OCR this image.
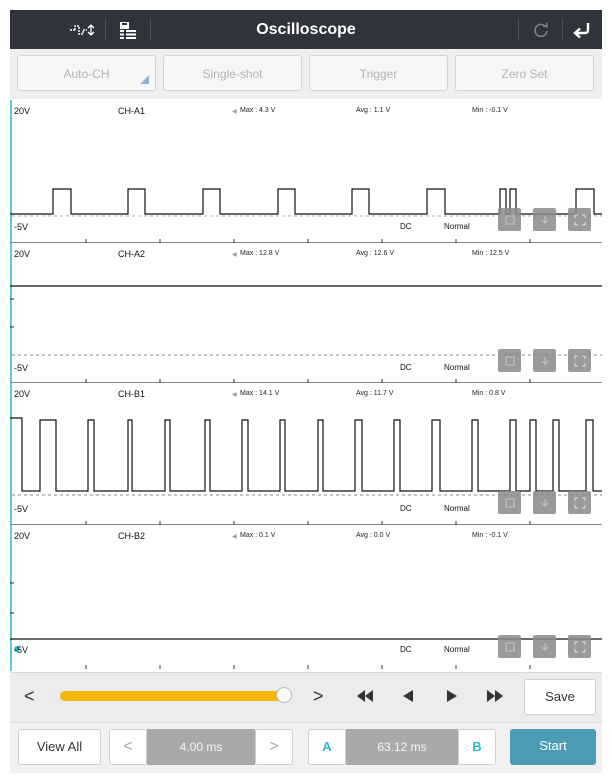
Oscilloscope
Auto-CH	Single-shot	Trigger	Zero Set
20V	CH-A1	◀ Max : 4.3 V	Avg : 1.1 V	Min : -0.1 V
-5V	DC	Normal
20V	CH-A2	◀ Max : 12.8 V	Avg : 12.6 V	Min : 12.5 V
-5V	DC	Normal
20V	CH-B1	◀ Max : 14.1 V	Avg : 11.7 V	Min : 0.8 V
-5V	DC	Normal
20V	CH-B2	◀ Max : 0.1 V	Avg : 0.0 V	Min : -0.1 V
-5V	DC	Normal
<	>	Save
View All	<	4.00 ms	>	A	63.12 ms	B	Start
